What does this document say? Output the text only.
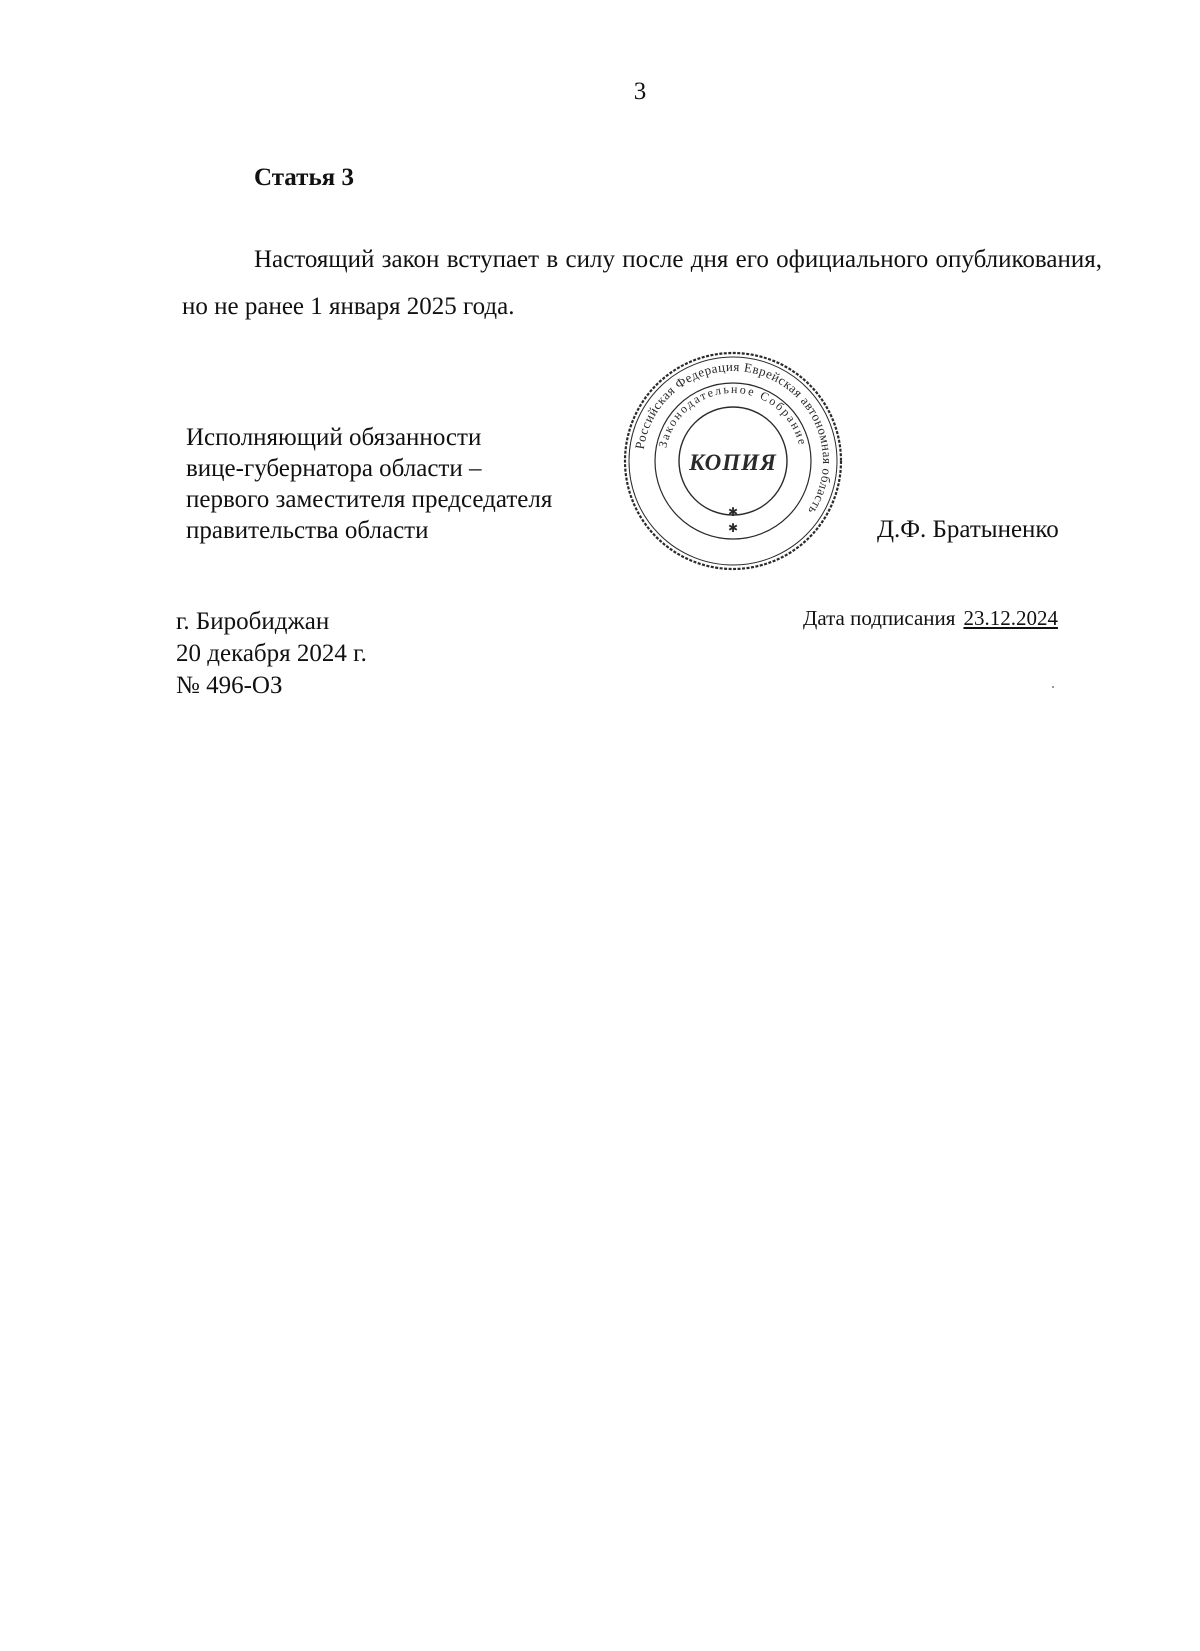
3
Статья 3

Настоящий закон вступает в силу после дня его официального опубликования, но не ранее 1 января 2025 года.

Исполняющий обязанности
вице-губернатора области –
первого заместителя председателя
правительства области
Российская Федерация Еврейская автономная область
Законодательное Собрание
КОПИЯ
✱
✱	Д.Ф. Братыненко
г. Биробиджан
20 декабря 2024 г.
№ 496-ОЗ
Дата подписания 23.12.2024
